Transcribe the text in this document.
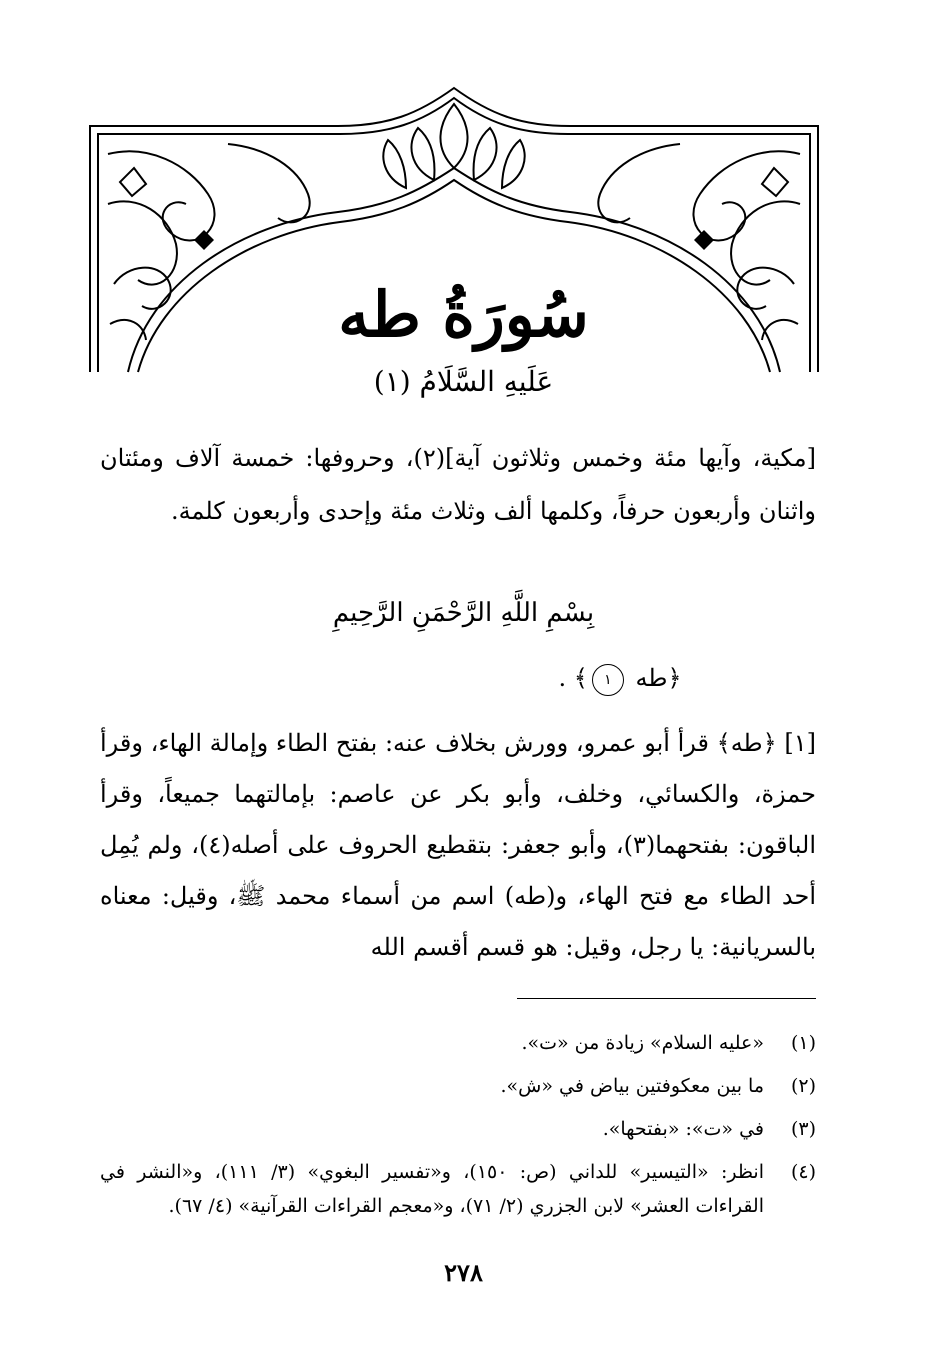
سُورَةُ طه
عَلَيهِ السَّلَامُ (١)
[مكية، وآيها مئة وخمس وثلاثون آية](٢)، وحروفها: خمسة آلاف ومئتان واثنان وأربعون حرفاً، وكلمها ألف وثلاث مئة وإحدى وأربعون كلمة.
بِسْمِ اللَّهِ الرَّحْمَنِ الرَّحِيمِ
﴿طه ١﴾ .

[١] ﴿طه﴾ قرأ أبو عمرو، وورش بخلاف عنه: بفتح الطاء وإمالة الهاء، وقرأ حمزة، والكسائي، وخلف، وأبو بكر عن عاصم: بإمالتهما جميعاً، وقرأ الباقون: بفتحهما(٣)، وأبو جعفر: بتقطيع الحروف على أصله(٤)، ولم يُمِل أحد الطاء مع فتح الهاء، و(طه) اسم من أسماء محمد ﷺ، وقيل: معناه بالسريانية: يا رجل، وقيل: هو قسم أقسم الله

(١)
«عليه السلام» زيادة من «ت».
(٢)
ما بين معكوفتين بياض في «ش».
(٣)
في «ت»: «بفتحها».
(٤)
انظر: «التيسير» للداني (ص: ١٥٠)، و«تفسير البغوي» (٣/ ١١١)، و«النشر في القراءات العشر» لابن الجزري (٢/ ٧١)، و«معجم القراءات القرآنية» (٤/ ٦٧).
٢٧٨
